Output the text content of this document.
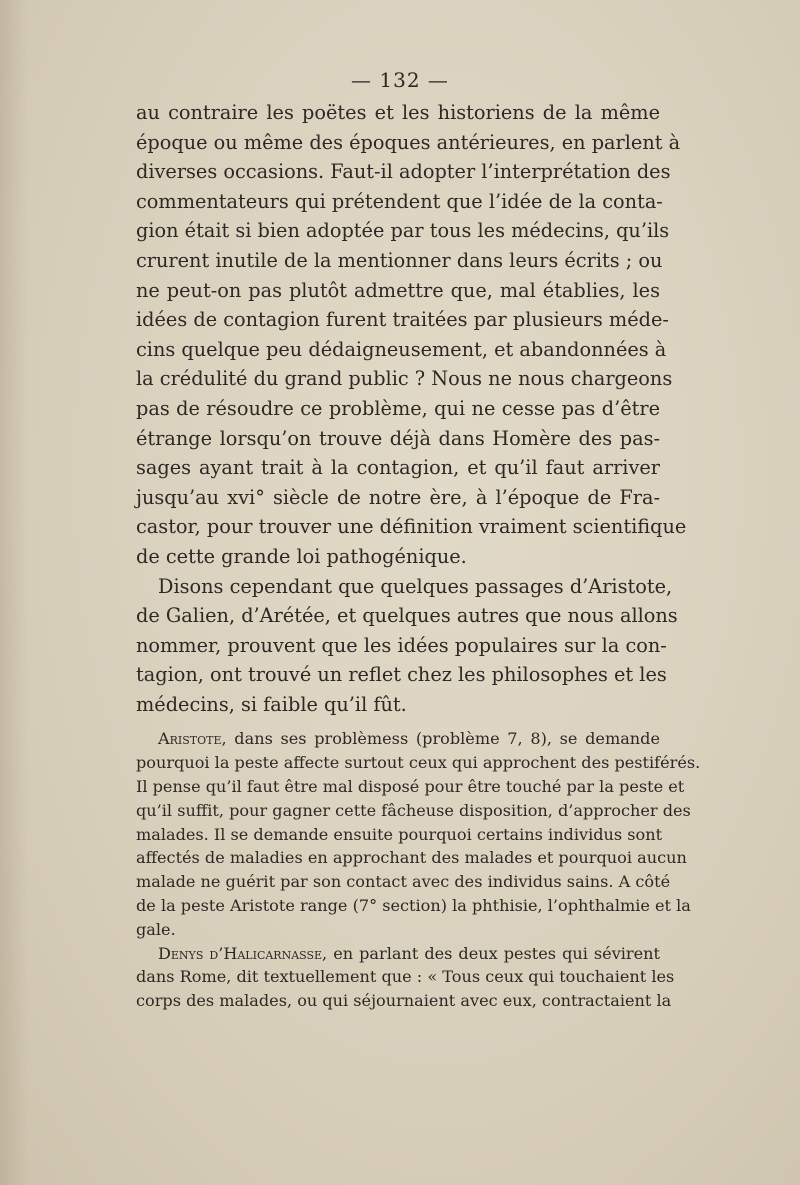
— 132 —
au contraire les poëtes et les historiens de la même
époque ou même des époques antérieures, en parlent à
diverses occasions. Faut-il adopter l’interprétation des
commentateurs qui prétendent que l’idée de la conta-
gion était si bien adoptée par tous les médecins, qu’ils
crurent inutile de la mentionner dans leurs écrits ; ou
ne peut-on pas plutôt admettre que, mal établies, les
idées de contagion furent traitées par plusieurs méde-
cins quelque peu dédaigneusement, et abandonnées à
la crédulité du grand public ? Nous ne nous chargeons
pas de résoudre ce problème, qui ne cesse pas d’être
étrange lorsqu’on trouve déjà dans Homère des pas-
sages ayant trait à la contagion, et qu’il faut arriver
jusqu’au xvi° siècle de notre ère, à l’époque de Fra-
castor, pour trouver une définition vraiment scientifique
de cette grande loi pathogénique.
Disons cependant que quelques passages d’Aristote,
de Galien, d’Arétée, et quelques autres que nous allons
nommer, prouvent que les idées populaires sur la con-
tagion, ont trouvé un reflet chez les philosophes et les
médecins, si faible qu’il fût.
Aristote, dans ses problèmess (problème 7, 8), se demande
pourquoi la peste affecte surtout ceux qui approchent des pestiférés.
Il pense qu’il faut être mal disposé pour être touché par la peste et
qu’il suffit, pour gagner cette fâcheuse disposition, d’approcher des
malades. Il se demande ensuite pourquoi certains individus sont
affectés de maladies en approchant des malades et pourquoi aucun
malade ne guérit par son contact avec des individus sains. A côté
de la peste Aristote range (7° section) la phthisie, l’ophthalmie et la
gale.
Denys d’Halicarnasse, en parlant des deux pestes qui sévirent
dans Rome, dit textuellement que : « Tous ceux qui touchaient les
corps des malades, ou qui séjournaient avec eux, contractaient la
